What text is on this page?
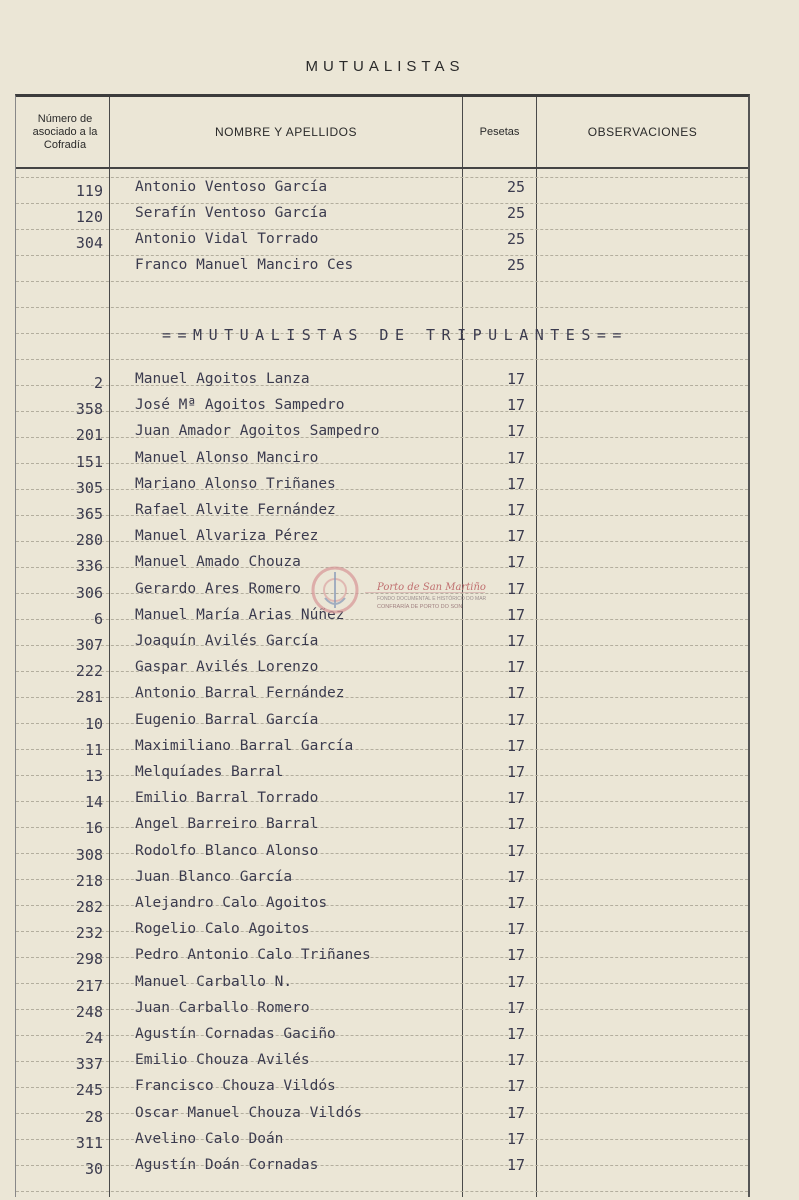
MUTUALISTAS
Número de asociado a la Cofradía
NOMBRE Y APELLIDOS	Pesetas	OBSERVACIONES
119 Antonio Ventoso García	25
120 Serafín Ventoso García	25
304 Antonio Vidal Torrado	25
Franco Manuel Manciro Ces	25
2 Manuel Agoitos Lanza	17
358 José Mª Agoitos Sampedro	17
201 Juan Amador Agoitos Sampedro	17
151 Manuel Alonso Manciro	17
305 Mariano Alonso Triñanes	17
365 Rafael Alvite Fernández	17
280 Manuel Alvariza Pérez	17
336 Manuel Amado Chouza	17
306 Gerardo Ares Romero	17
6 Manuel María Arias Núñez	17
307 Joaquín Avilés García	17
222 Gaspar Avilés Lorenzo	17
281 Antonio Barral Fernández	17
10 Eugenio Barral García	17
11 Maximiliano Barral García	17
13 Melquíades Barral	17
14 Emilio Barral Torrado	17
16 Angel Barreiro Barral	17
308 Rodolfo Blanco Alonso	17
218 Juan Blanco García	17
282 Alejandro Calo Agoitos	17
232 Rogelio Calo Agoitos	17
298 Pedro Antonio Calo Triñanes	17
217 Manuel Carballo N.	17
248 Juan Carballo Romero	17
24 Agustín Cornadas Gaciño	17
337 Emilio Chouza Avilés	17
245 Francisco Chouza Vildós	17
28 Oscar Manuel Chouza Vildós	17
311 Avelino Calo Doán	17
30 Agustín Doán Cornadas	17
==MUTUALISTAS DE TRIPULANTES==
Porto de San Martiño
FONDO DOCUMENTAL E HISTÓRICO DO MAR
CONFRARÍA DE PORTO DO SON
